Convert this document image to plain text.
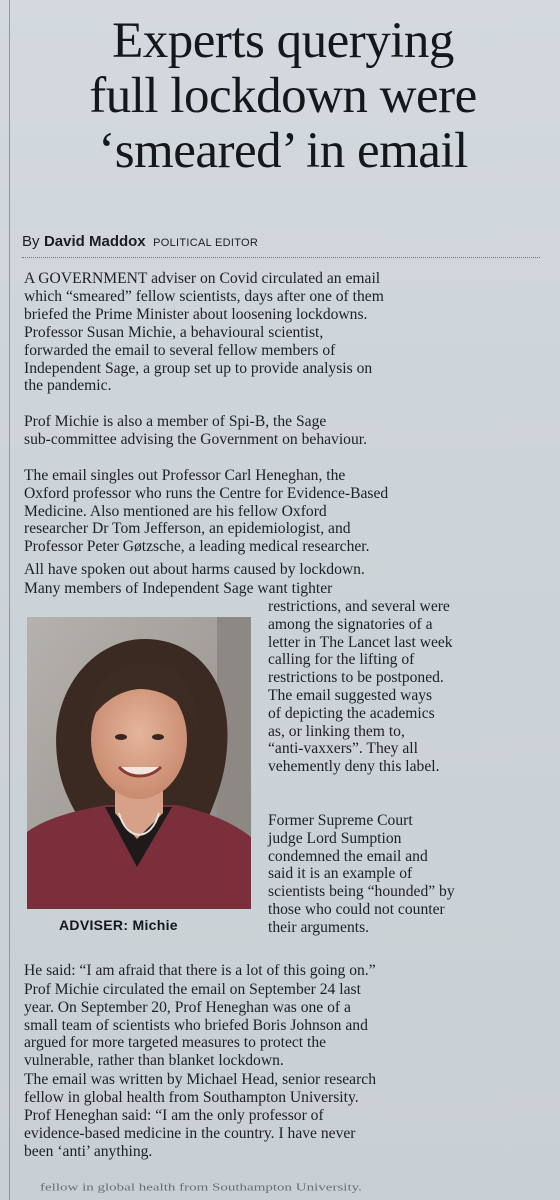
Experts querying
full lockdown were
‘smeared’ in email
By David Maddox POLITICAL EDITOR

A GOVERNMENT adviser on Covid circulated an email
which “smeared” fellow scientists, days after one of them
briefed the Prime Minister about loosening lockdowns.

Professor Susan Michie, a behavioural scientist,
forwarded the email to several fellow members of
Independent Sage, a group set up to provide analysis on
the pandemic.

Prof Michie is also a member of Spi-B, the Sage
sub-committee advising the Government on behaviour.

The email singles out Professor Carl Heneghan, the
Oxford professor who runs the Centre for Evidence-Based
Medicine. Also mentioned are his fellow Oxford
researcher Dr Tom Jefferson, an epidemiologist, and
Professor Peter Gøtzsche, a leading medical researcher.

All have spoken out about harms caused by lockdown.

Many members of Independent Sage want tighter

ADVISER: Michie

restrictions, and several were
among the signatories of a
letter in The Lancet last week
calling for the lifting of
restrictions to be postponed.

The email suggested ways
of depicting the academics
as, or linking them to,
“anti-vaxxers”. They all
vehemently deny this label.

Former Supreme Court
judge Lord Sumption
condemned the email and
said it is an example of
scientists being “hounded” by
those who could not counter
their arguments.

He said: “I am afraid that there is a lot of this going on.”

Prof Michie circulated the email on September 24 last
year. On September 20, Prof Heneghan was one of a
small team of scientists who briefed Boris Johnson and
argued for more targeted measures to protect the
vulnerable, rather than blanket lockdown.

The email was written by Michael Head, senior research
fellow in global health from Southampton University.

Prof Heneghan said: “I am the only professor of
evidence-based medicine in the country. I have never
been ‘anti’ anything.

fellow in global health from Southampton University.
